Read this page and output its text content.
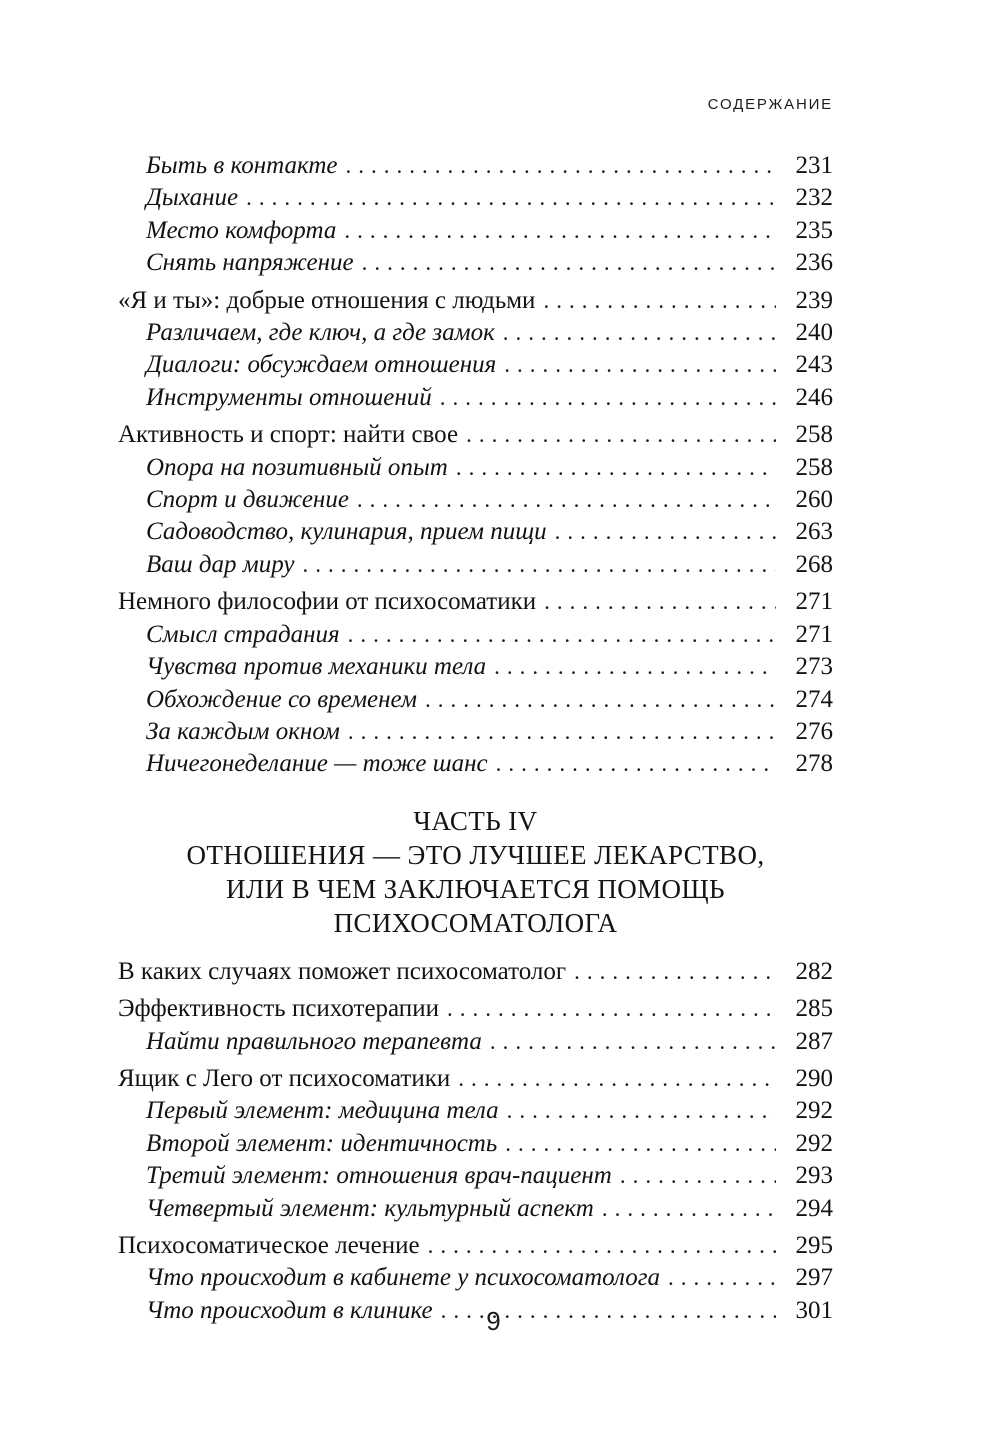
СОДЕРЖАНИЕ
Быть в контакте .....	231
Дыхание .....	232
Место комфорта .....	235
Снять напряжение .....	236
«Я и ты»: добрые отношения с людьми .....	239
Различаем, где ключ, а где замок .....	240
Диалоги: обсуждаем отношения .....	243
Инструменты отношений .....	246
Активность и спорт: найти свое .....	258
Опора на позитивный опыт .....	258
Спорт и движение .....	260
Садоводство, кулинария, прием пищи .....	263
Ваш дар миру .....	268
Немного философии от психосоматики .....	271
Смысл страдания .....	271
Чувства против механики тела .....	273
Обхождение со временем .....	274
За каждым окном .....	276
Ничегонеделание — тоже шанс .....	278
ЧАСТЬ IV
ОТНОШЕНИЯ — ЭТО ЛУЧШЕЕ ЛЕКАРСТВО,
ИЛИ В ЧЕМ ЗАКЛЮЧАЕТСЯ ПОМОЩЬ
ПСИХОСОМАТОЛОГА
В каких случаях поможет психосоматолог .....	282
Эффективность психотерапии .....	285
Найти правильного терапевта .....	287
Ящик с Лего от психосоматики .....	290
Первый элемент: медицина тела .....	292
Второй элемент: идентичность .....	292
Третий элемент: отношения врач-пациент .....	293
Четвертый элемент: культурный аспект .....	294
Психосоматическое лечение .....	295
Что происходит в кабинете у психосоматолога .....	297
Что происходит в клинике .....	301
9
